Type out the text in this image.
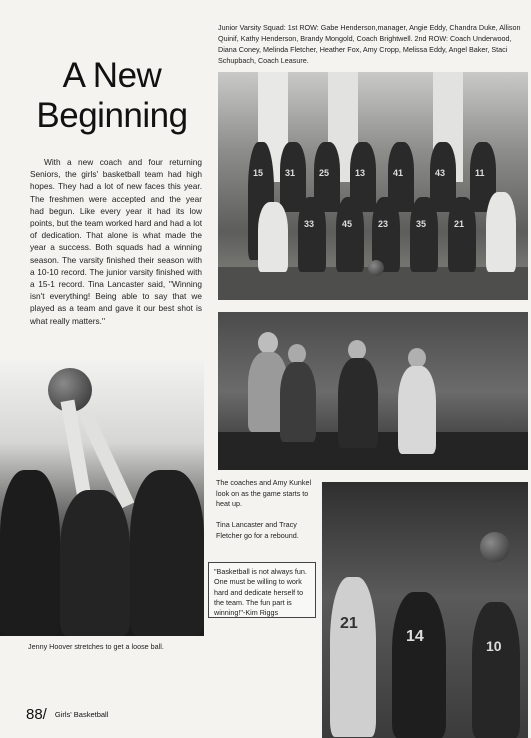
Junior Varsity Squad: 1st ROW: Gabe Henderson,manager, Angie Eddy, Chandra Duke, Allison Quinif, Kathy Henderson, Brandy Mongold, Coach Brightwell. 2nd ROW: Coach Underwood, Diana Coney, Melinda Fletcher, Heather Fox, Amy Cropp, Melissa Eddy, Angel Baker, Staci Schupbach, Coach Leasure.
A New Beginning
With a new coach and four returning Seniors, the girls' basketball team had high hopes. They had a lot of new faces this year. The freshmen were accepted and the year had begun. Like every year it had its low points, but the team worked hard and had a lot of dedication. That alone is what made the year a success. Both squads had a winning season. The varsity finished their season with a 10-10 record. The junior varsity finished with a 15-1 record. Tina Lancaster said, ''Winning isn't everything! Being able to say that we played as a team and gave it our best shot is what really matters.''
15 31	25	13	41	43	11
33	45	23	35	21
21
14
10
The coaches and Amy Kunkel look on as the game starts to heat up.
Tina Lancaster and Tracy Fletcher go for a rebound.
Jenny Hoover stretches to get a loose ball.
"Basketball is not always fun. One must be willing to work hard and dedicate herself to the team. The fun part is winning!"-Kim Riggs
88/ Girls' Basketball
